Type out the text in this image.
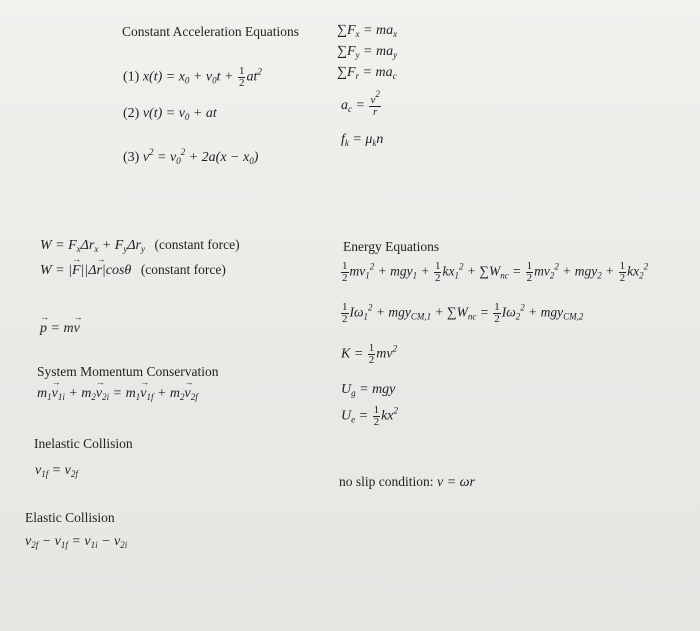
Constant Acceleration Equations
(1) $x(t) = x_0 + v_0t + \frac{1}{2} at^2$
(2) $v(t) = v_0$ + at
(3) $v^2 = v_0^2 + 2a(x - x_0)$
$\sum F_x = ma_x$
$\sum F_y = ma_y$
$\sum F_r = ma_c$
$a_c = \frac{v^2}{r}$
$f_k = \mu_kn$
$W = F_x\Delta r_x + F_y\Delta r_y$ (constant force)
W = |→ F||Δ→ r|cosθ (constant force)
→ p = m→ v
System Momentum Conservation
$m_1\to v_{1i} + m_2\to v_{2i} = m_1\to v_{1f} + m_2\to v_{2f}$
Inelastic Collision
$v_{1f} = v_{2f}$
Elastic Collision
$v_{2f} - v_{1f} = v_{1i} - v_{2i}$
Energy Equations
$\frac{1}{2} mv_1^2 + mgy_1 + \frac{1}{2} kx_1^2 + \sum W_{nc} = \frac{1}{2} mv_2^2 + mgy_2 + \frac{1}{2} kx_2^2$
$\frac{1}{2} I\omega_1^2 + mgy_{CM,1} + \sum W_{nc} = \frac{1}{2} I\omega_2^2 + mgy_{CM,2}$
$K = \frac{1}{2} mv^2$
$U_g$ = mgy
$U_e = \frac{1}{2} kx^2$
no slip condition: v = ωr
